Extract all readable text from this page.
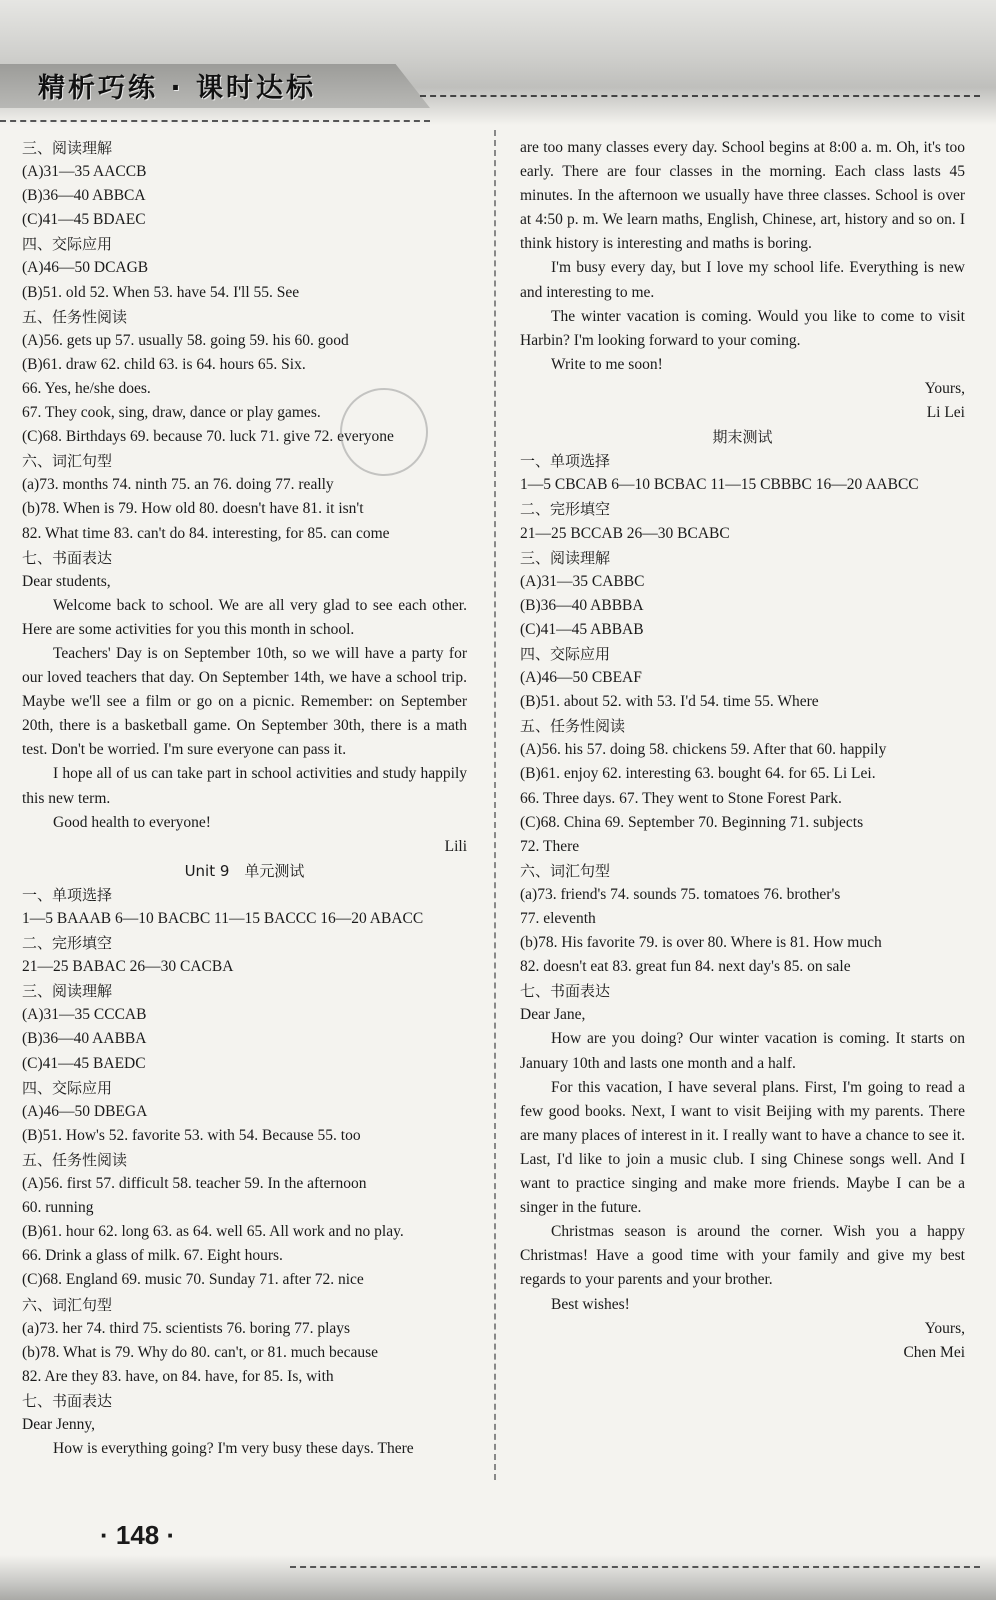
精析巧练 · 课时达标
三、阅读理解
(A)31—35 AACCB
(B)36—40 ABBCA
(C)41—45 BDAEC
四、交际应用
(A)46—50 DCAGB
(B)51. old 52. When 53. have 54. I'll 55. See
五、任务性阅读
(A)56. gets up 57. usually 58. going 59. his 60. good
(B)61. draw 62. child 63. is 64. hours 65. Six.
66. Yes, he/she does.
67. They cook, sing, draw, dance or play games.
(C)68. Birthdays 69. because 70. luck 71. give 72. everyone
六、词汇句型
(a)73. months 74. ninth 75. an 76. doing 77. really
(b)78. When is 79. How old 80. doesn't have 81. it isn't
82. What time 83. can't do 84. interesting, for 85. can come
七、书面表达
Dear students,
Welcome back to school. We are all very glad to see each other. Here are some activities for you this month in school.
Teachers' Day is on September 10th, so we will have a party for our loved teachers that day. On September 14th, we have a school trip. Maybe we'll see a film or go on a picnic. Remember: on September 20th, there is a basketball game. On September 30th, there is a math test. Don't be worried. I'm sure everyone can pass it.
I hope all of us can take part in school activities and study happily this new term.
Good health to everyone!
Lili
Unit 9　单元测试
一、单项选择
1—5 BAAAB 6—10 BACBC 11—15 BACCC 16—20 ABACC
二、完形填空
21—25 BABAC 26—30 CACBA
三、阅读理解
(A)31—35 CCCAB
(B)36—40 AABBA
(C)41—45 BAEDC
四、交际应用
(A)46—50 DBEGA
(B)51. How's 52. favorite 53. with 54. Because 55. too
五、任务性阅读
(A)56. first 57. difficult 58. teacher 59. In the afternoon
60. running
(B)61. hour 62. long 63. as 64. well 65. All work and no play.
66. Drink a glass of milk. 67. Eight hours.
(C)68. England 69. music 70. Sunday 71. after 72. nice
六、词汇句型
(a)73. her 74. third 75. scientists 76. boring 77. plays
(b)78. What is 79. Why do 80. can't, or 81. much because
82. Are they 83. have, on 84. have, for 85. Is, with
七、书面表达
Dear Jenny,
How is everything going? I'm very busy these days. There
are too many classes every day. School begins at 8:00 a. m. Oh, it's too early. There are four classes in the morning. Each class lasts 45 minutes. In the afternoon we usually have three classes. School is over at 4:50 p. m. We learn maths, English, Chinese, art, history and so on. I think history is interesting and maths is boring.
I'm busy every day, but I love my school life. Everything is new and interesting to me.
The winter vacation is coming. Would you like to come to visit Harbin? I'm looking forward to your coming.
Write to me soon!
Yours,
Li Lei
期末测试
一、单项选择
1—5 CBCAB 6—10 BCBAC 11—15 CBBBC 16—20 AABCC
二、完形填空
21—25 BCCAB 26—30 BCABC
三、阅读理解
(A)31—35 CABBC
(B)36—40 ABBBA
(C)41—45 ABBAB
四、交际应用
(A)46—50 CBEAF
(B)51. about 52. with 53. I'd 54. time 55. Where
五、任务性阅读
(A)56. his 57. doing 58. chickens 59. After that 60. happily
(B)61. enjoy 62. interesting 63. bought 64. for 65. Li Lei.
66. Three days. 67. They went to Stone Forest Park.
(C)68. China 69. September 70. Beginning 71. subjects
72. There
六、词汇句型
(a)73. friend's 74. sounds 75. tomatoes 76. brother's
77. eleventh
(b)78. His favorite 79. is over 80. Where is 81. How much
82. doesn't eat 83. great fun 84. next day's 85. on sale
七、书面表达
Dear Jane,
How are you doing? Our winter vacation is coming. It starts on January 10th and lasts one month and a half.
For this vacation, I have several plans. First, I'm going to read a few good books. Next, I want to visit Beijing with my parents. There are many places of interest in it. I really want to have a chance to see it. Last, I'd like to join a music club. I sing Chinese songs well. And I want to practice singing and make more friends. Maybe I can be a singer in the future.
Christmas season is around the corner. Wish you a happy Christmas! Have a good time with your family and give my best regards to your parents and your brother.
Best wishes!
Yours,
Chen Mei
· 148 ·
